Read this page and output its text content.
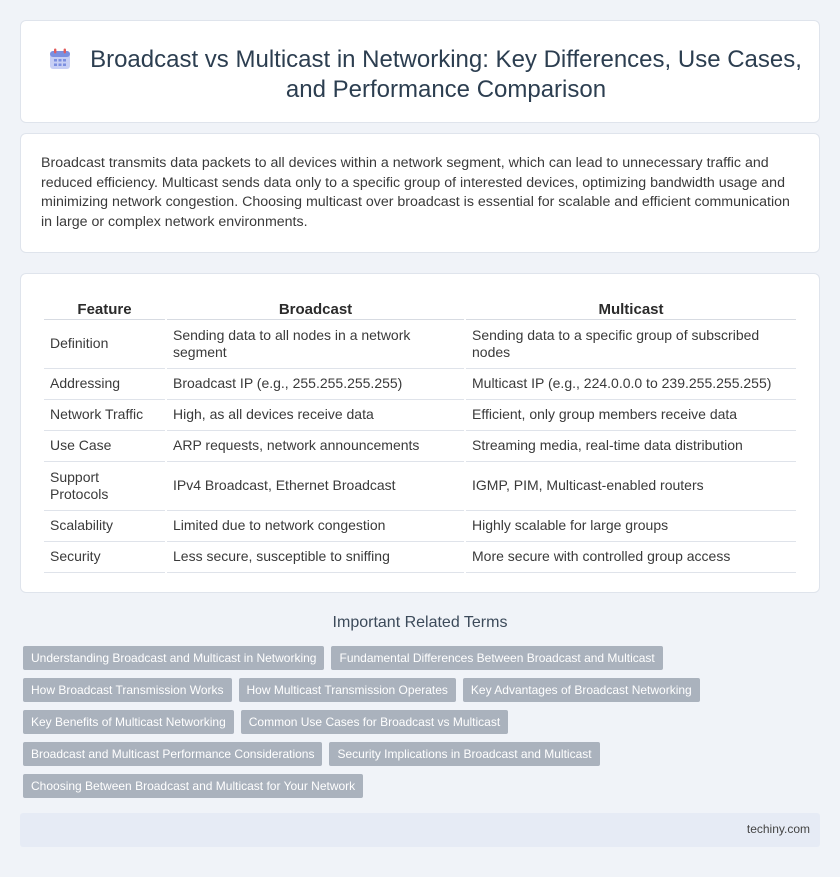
Broadcast vs Multicast in Networking: Key Differences, Use Cases, and Performance Comparison

Broadcast transmits data packets to all devices within a network segment, which can lead to unnecessary traffic and reduced efficiency. Multicast sends data only to a specific group of interested devices, optimizing bandwidth usage and minimizing network congestion. Choosing multicast over broadcast is essential for scalable and efficient communication in large or complex network environments.

Feature	Broadcast	Multicast
Definition	Sending data to all nodes in a network segment	Sending data to a specific group of subscribed nodes
Addressing	Broadcast IP (e.g., 255.255.255.255)	Multicast IP (e.g., 224.0.0.0 to 239.255.255.255)
Network Traffic	High, as all devices receive data	Efficient, only group members receive data
Use Case	ARP requests, network announcements	Streaming media, real-time data distribution
Support Protocols	IPv4 Broadcast, Ethernet Broadcast	IGMP, PIM, Multicast-enabled routers
Scalability	Limited due to network congestion	Highly scalable for large groups
Security	Less secure, susceptible to sniffing	More secure with controlled group access
Important Related Terms
Understanding Broadcast and Multicast in Networking	Fundamental Differences Between Broadcast and Multicast
How Broadcast Transmission Works	How Multicast Transmission Operates	Key Advantages of Broadcast Networking
Key Benefits of Multicast Networking	Common Use Cases for Broadcast vs Multicast
Broadcast and Multicast Performance Considerations	Security Implications in Broadcast and Multicast
Choosing Between Broadcast and Multicast for Your Network
techiny.com
